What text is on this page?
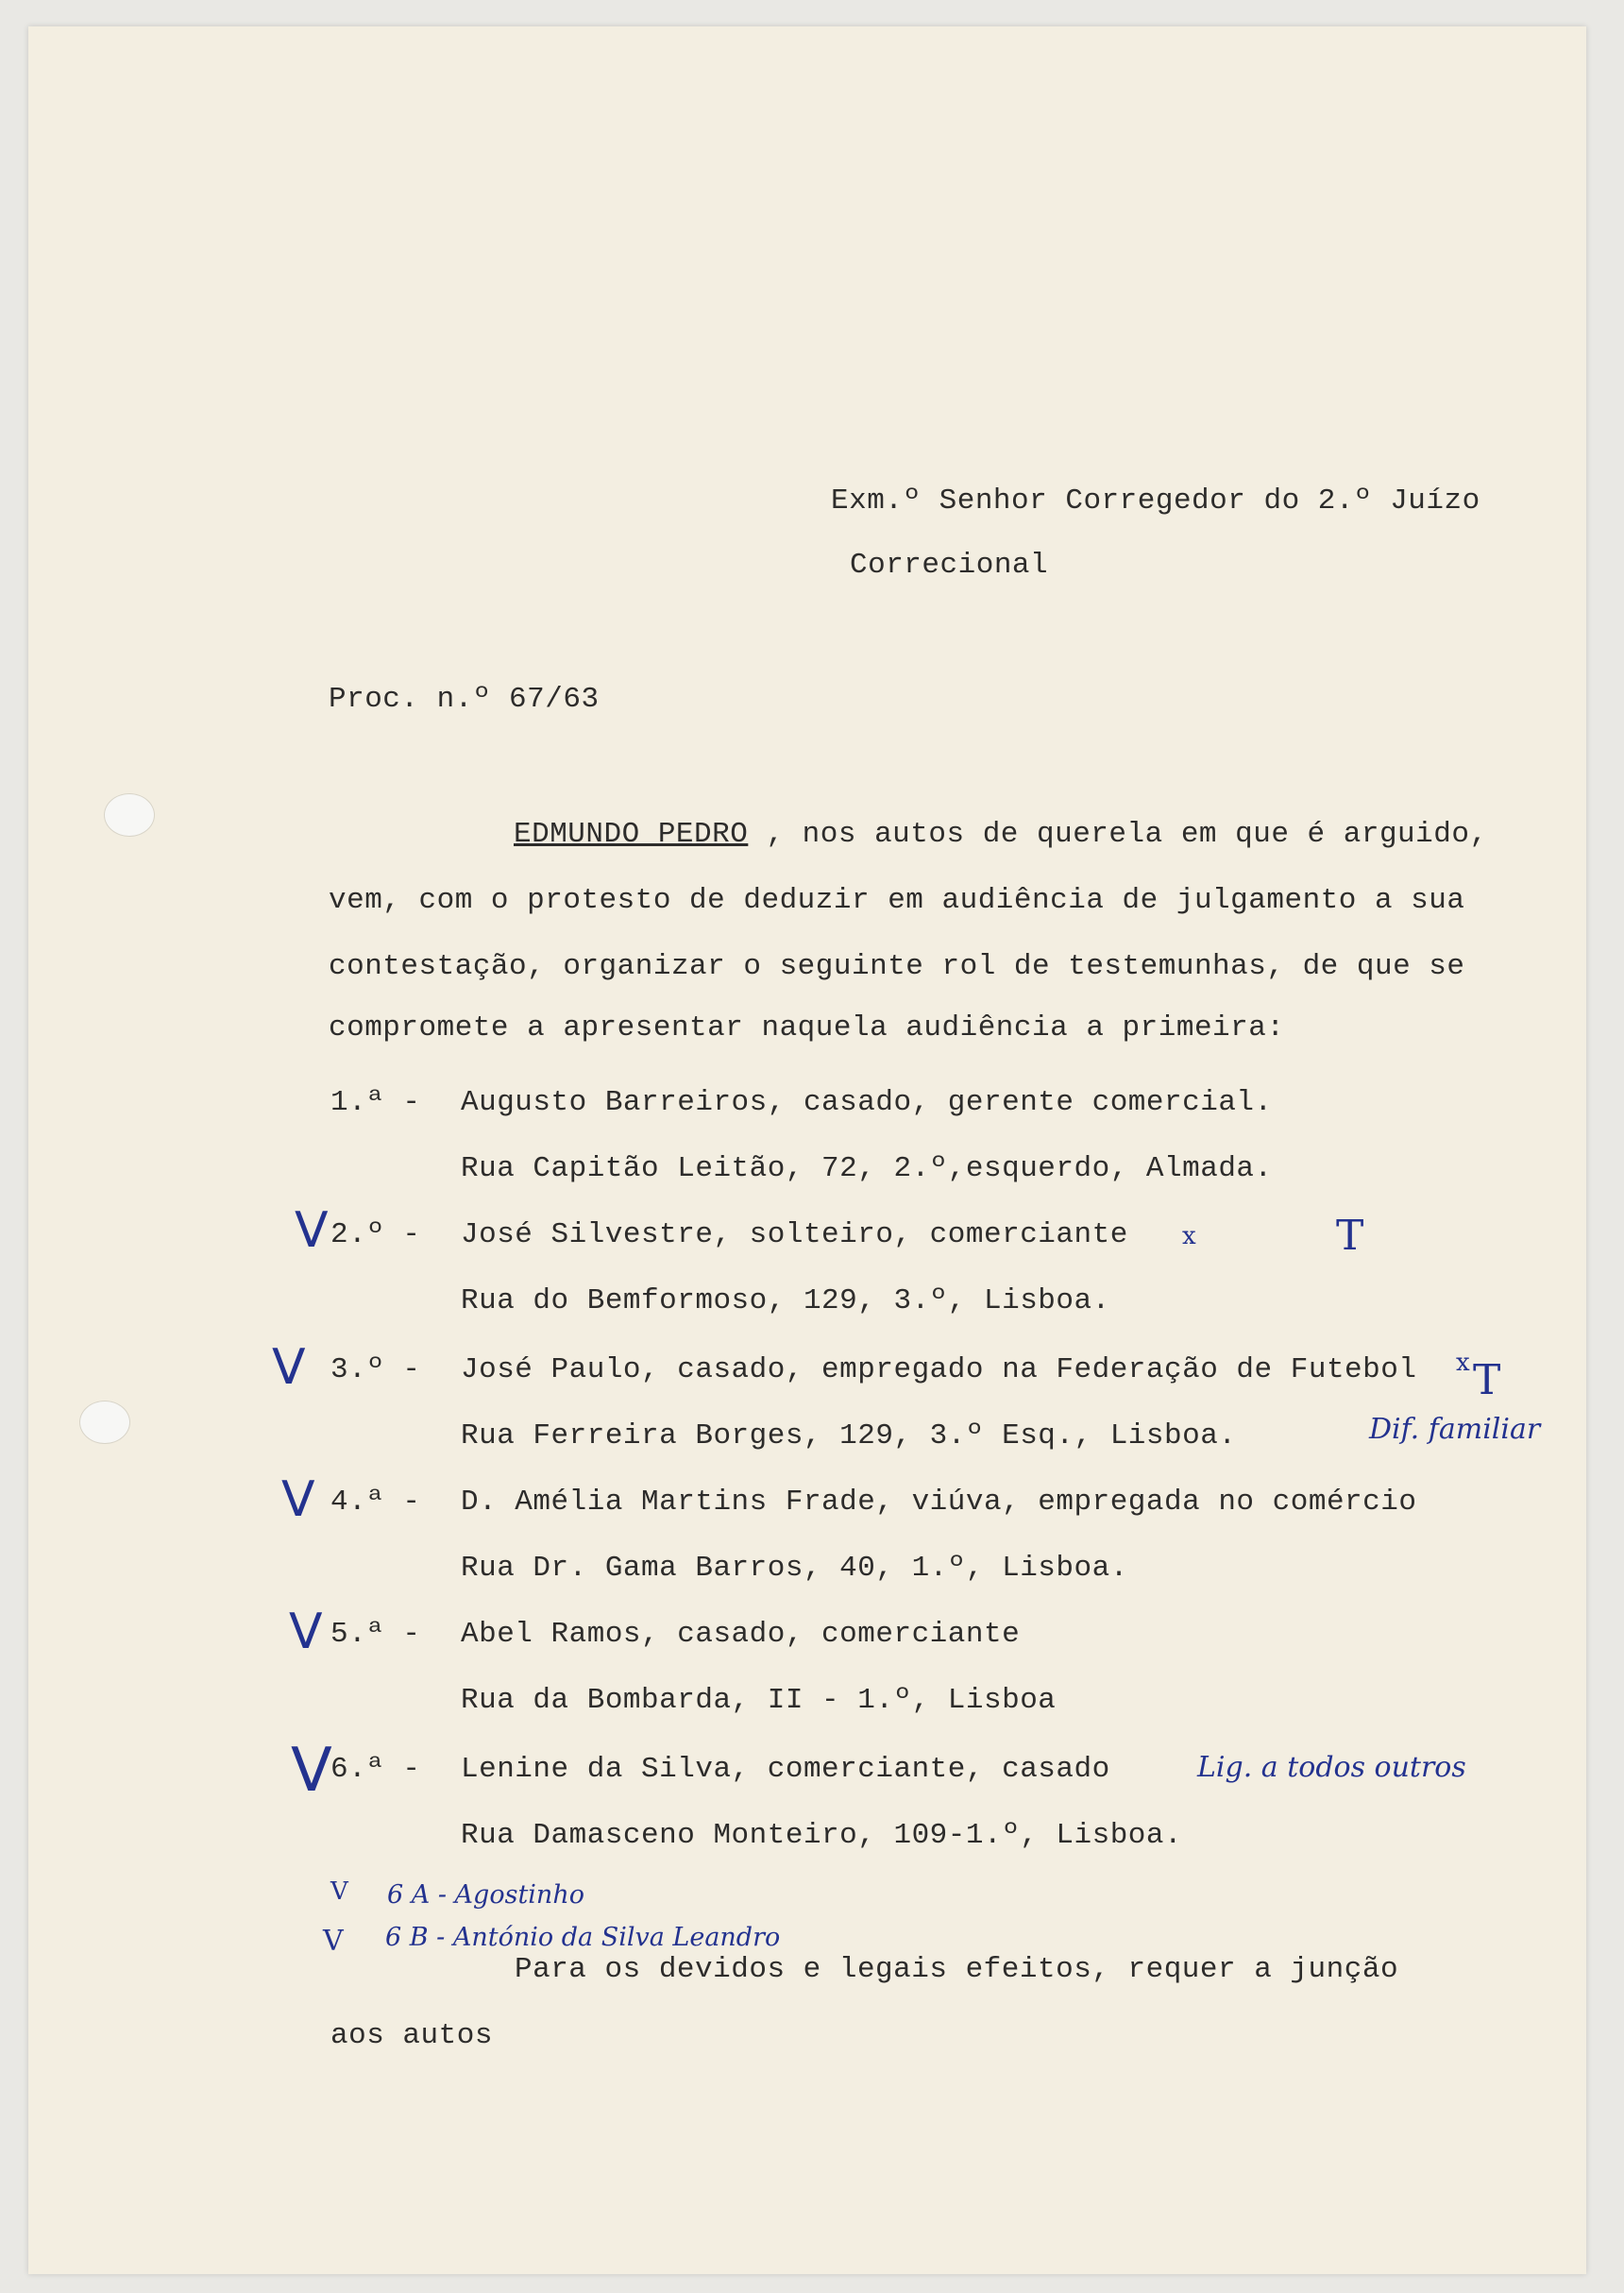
Exm.º Senhor Corregedor do 2.º Juízo
Correcional
Proc. n.º 67/63
EDMUNDO PEDRO , nos autos de querela em que é arguido,
vem, com o protesto de deduzir em audiência de julgamento a sua
contestação, organizar o seguinte rol de testemunhas, de que se
compromete a apresentar naquela audiência a primeira:
1.ª - Augusto Barreiros, casado, gerente comercial.
Rua Capitão Leitão, 72, 2.º,esquerdo, Almada.
V 2.º - José Silvestre, solteiro, comerciante x	T
Rua do Bemformoso, 129, 3.º, Lisboa.
V 3.º - José Paulo, casado, empregado na Federação de Futebol x T
Rua Ferreira Borges, 129, 3.º Esq., Lisboa.	Dif. familiar
V 4.ª - D. Amélia Martins Frade, viúva, empregada no comércio
Rua Dr. Gama Barros, 40, 1.º, Lisboa.
V 5.ª - Abel Ramos, casado, comerciante
Rua da Bombarda, II - 1.º, Lisboa
V
6.ª - Lenine da Silva, comerciante, casado	Lig. a todos outros
Rua Damasceno Monteiro, 109-1.º, Lisboa.
V 6 A - Agostinho
V 6 B - António da Silva Leandro
Para os devidos e legais efeitos, requer a junção
aos autos
